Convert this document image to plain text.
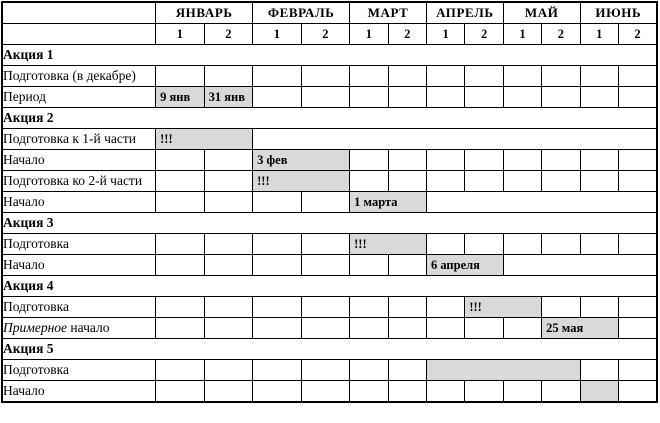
	ЯНВАРЬ		ФЕВРАЛЬ		МАРТ		АПРЕЛЬ		МАЙ		ИЮНЬ	
	1	2	1	2	1	2	1	2	1	2	1	2
Акция 1												
Подготовка (в декабре)												
Период	9 янв	31 янв										
Акция 2												
Подготовка к 1-й части	!!!											
Начало			3 фев									
Подготовка ко 2-й части			!!!									
Начало					1 марта							
Акция 3												
Подготовка					!!!							
Начало							6 апреля					
Акция 4												
Подготовка								!!!				
Примерное начало										25 мая		
Акция 5												
Подготовка												
Начало												
